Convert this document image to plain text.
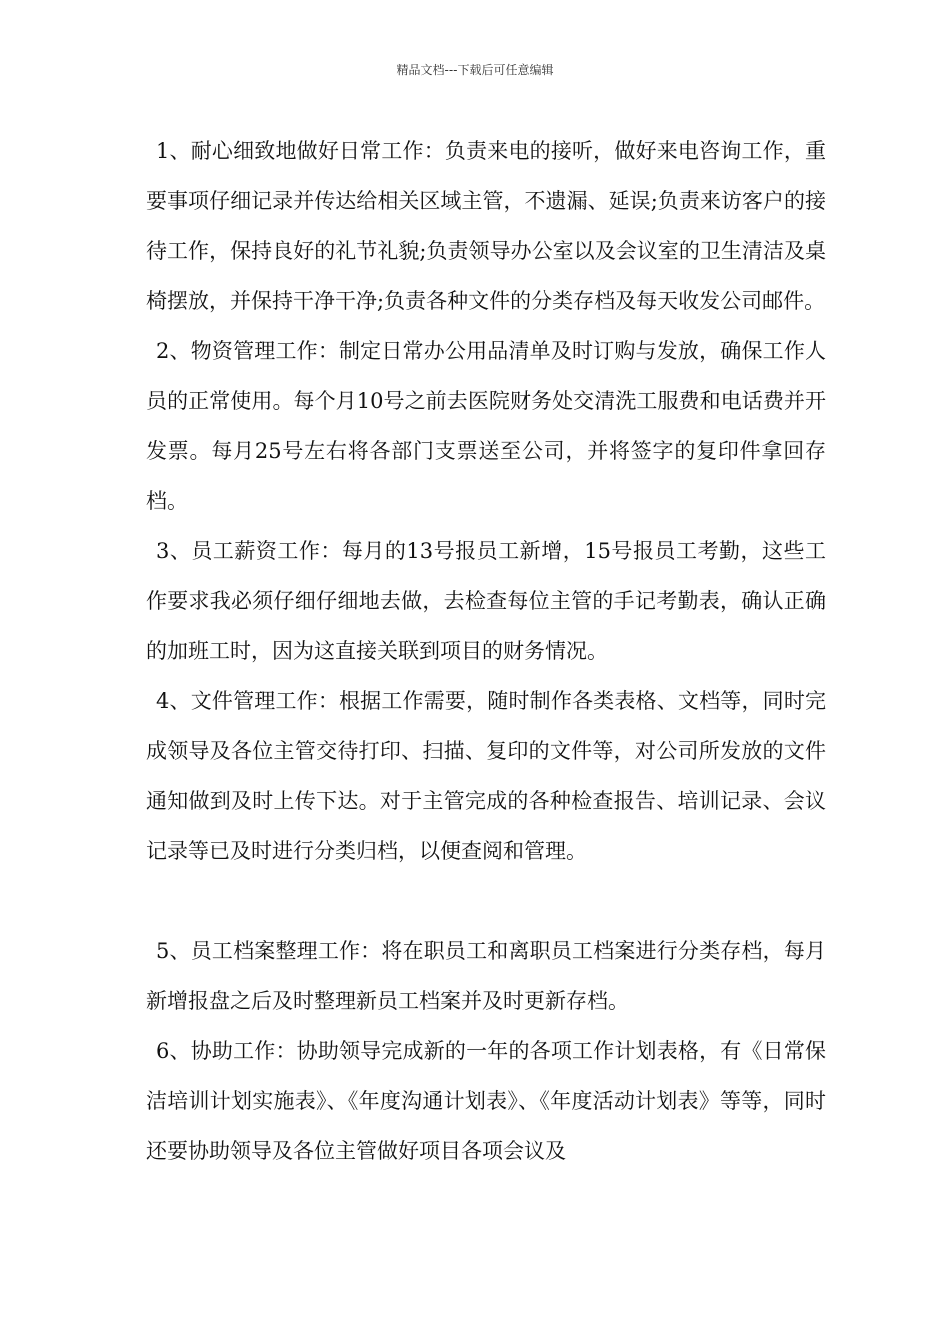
精品文档---下载后可任意编辑

1、耐心细致地做好日常工作：负责来电的接听，做好来电咨询工作，重要事项仔细记录并传达给相关区域主管，不遗漏、延误;负责来访客户的接待工作，保持良好的礼节礼貌;负责领导办公室以及会议室的卫生清洁及桌椅摆放，并保持干净干净;负责各种文件的分类存档及每天收发公司邮件。

2、物资管理工作：制定日常办公用品清单及时订购与发放，确保工作人员的正常使用。每个月10号之前去医院财务处交清洗工服费和电话费并开发票。每月25号左右将各部门支票送至公司，并将签字的复印件拿回存档。

3、员工薪资工作：每月的13号报员工新增，15号报员工考勤，这些工作要求我必须仔细仔细地去做，去检查每位主管的手记考勤表，确认正确的加班工时，因为这直接关联到项目的财务情况。

4、文件管理工作：根据工作需要，随时制作各类表格、文档等，同时完成领导及各位主管交待打印、扫描、复印的文件等，对公司所发放的文件通知做到及时上传下达。对于主管完成的各种检查报告、培训记录、会议记录等已及时进行分类归档，以便查阅和管理。

5、员工档案整理工作：将在职员工和离职员工档案进行分类存档，每月新增报盘之后及时整理新员工档案并及时更新存档。

6、协助工作：协助领导完成新的一年的各项工作计划表格，有《日常保洁培训计划实施表》、《年度沟通计划表》、《年度活动计划表》等等，同时还要协助领导及各位主管做好项目各项会议及
